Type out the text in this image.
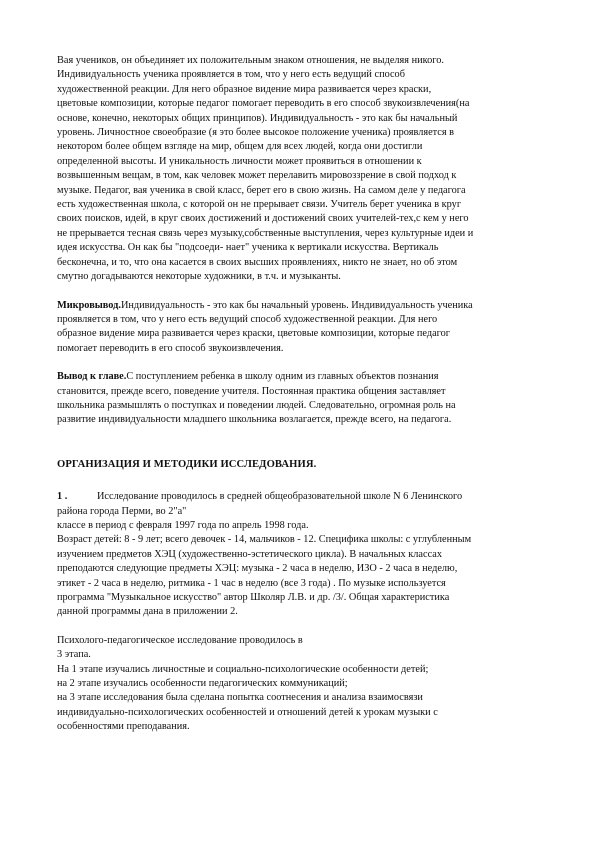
Вая учеников, он объединяет их положительным знаком отношения, не выделяя никого.
Индивидуальность ученика проявляется в том, что у него есть ведущий способ
художественной реакции. Для него образное видение мира развивается через краски,
цветовые композиции, которые педагог помогает переводить в его способ звукоизвлечения(на
основе, конечно, некоторых общих принципов). Индивидуальность - это как бы начальный
уровень. Личностное своеобразие (я это более высокое положение ученика) проявляется в
некотором более общем взгляде на мир, общем для всех людей, когда они достигли
определенной высоты. И уникальность личности может проявиться в отношении к
возвышенным вещам, в том, как человек может перелавить мировоззрение в свой подход к
музыке. Педагог, вая ученика в свой класс, берет его в свою жизнь. На самом деле у педагога
есть художественная школа, с которой он не прерывает связи. Учитель берет ученика в круг
своих поисков, идей, в круг своих достижений и достижений своих учителей-тех,с кем у него
не прерывается тесная связь через музыку,собственные выступления, через культурные идеи и
идея искусства. Он как бы "подсоеди- нает" ученика к вертикали искусства. Вертикаль
бесконечна, и то, что она касается в своих высших проявлениях, никто не знает, но об этом
смутно догадываются некоторые художники, в т.ч. и музыканты.
Микровывод.Индивидуальность - это как бы начальный уровень. Индивидуальность ученика
проявляется в том, что у него есть ведущий способ художественной реакции. Для него
образное видение мира развивается через краски, цветовые композиции, которые педагог
помогает переводить в его способ звукоизвлечения.
Вывод к главе.С поступлением ребенка в школу одним из главных объектов познания
становится, прежде всего, поведение учителя. Постоянная практика общения заставляет
школьника размышлять о поступках и поведении людей. Следовательно, огромная роль на
развитие индивидуальности младшего школьника возлагается, прежде всего, на педагога.
ОРГАНИЗАЦИЯ И МЕТОДИКИ ИССЛЕДОВАНИЯ.
1 .	Исследование проводилось в средней общеобразовательной школе N 6 Ленинского
района города Перми, во 2"а"
классе в период с февраля 1997 года по апрель 1998 года.
Возраст детей: 8 - 9 лет; всего девочек - 14, мальчиков - 12. Специфика школы: с углубленным
изучением предметов ХЭЦ (художественно-эстетического цикла). В начальных классах
преподаются следующие предметы ХЭЦ: музыка - 2 часа в неделю, ИЗО - 2 часа в неделю,
этикет - 2 часа в неделю, ритмика - 1 час в неделю (все 3 года) . По музыке используется
программа "Музыкальное искусство" автор Школяр Л.В. и др. /3/. Общая характеристика
данной программы дана в приложении 2.
Психолого-педагогическое исследование проводилось в
3 этапа.
На 1 этапе изучались личностные и социально-психологические особенности детей;
на 2 этапе изучались особенности педагогических коммуникаций;
на 3 этапе исследования была сделана попытка соотнесения и анализа взаимосвязи
индивидуально-психологических особенностей и отношений детей к урокам музыки с
особенностями преподавания.
